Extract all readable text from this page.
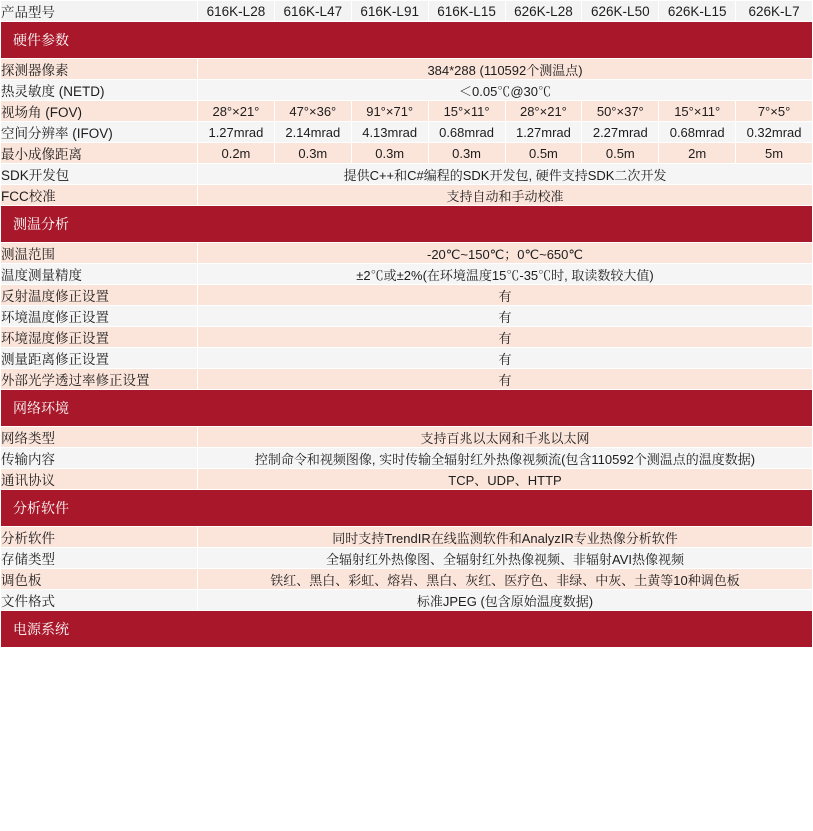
产品型号	616K-L28	616K-L47	616K-L91	616K-L15	626K-L28	626K-L50	626K-L15	626K-L7
硬件参数								
探测器像素	384*288 (110592个测温点)							
热灵敏度 (NETD)	＜0.05℃@30℃							
视场角 (FOV)	28°×21°	47°×36°	91°×71°	15°×11°	28°×21°	50°×37°	15°×11°	7°×5°
空间分辨率 (IFOV)	1.27mrad	2.14mrad	4.13mrad	0.68mrad	1.27mrad	2.27mrad	0.68mrad	0.32mrad
最小成像距离	0.2m	0.3m	0.3m	0.3m	0.5m	0.5m	2m	5m
SDK开发包	提供C++和C#编程的SDK开发包, 硬件支持SDK二次开发							
FCC校准	支持自动和手动校准							
测温分析								
测温范围	-20℃~150℃；0℃~650℃							
温度测量精度	±2℃或±2%(在环境温度15℃-35℃时, 取读数较大值)							
反射温度修正设置	有							
环境温度修正设置	有							
环境湿度修正设置	有							
测量距离修正设置	有							
外部光学透过率修正设置	有							
网络环境								
网络类型	支持百兆以太网和千兆以太网							
传输内容	控制命令和视频图像, 实时传输全辐射红外热像视频流(包含110592个测温点的温度数据)							
通讯协议	TCP、UDP、HTTP							
分析软件								
分析软件	同时支持TrendIR在线监测软件和AnalyzIR专业热像分析软件							
存储类型	全辐射红外热像图、全辐射红外热像视频、非辐射AVI热像视频							
调色板	铁红、黑白、彩虹、熔岩、黑白、灰红、医疗色、非绿、中灰、土黄等10种调色板							
文件格式	标准JPEG (包含原始温度数据)							
电源系统								
